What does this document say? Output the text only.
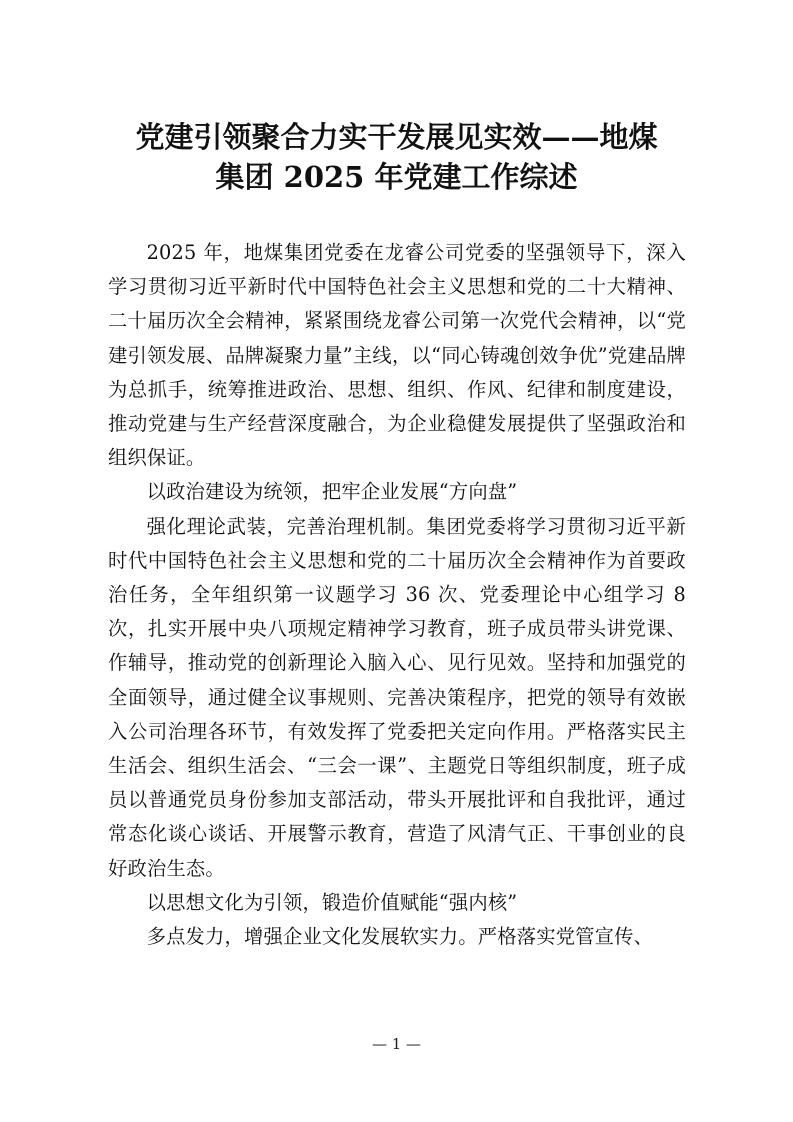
党建引领聚合力实干发展见实效——地煤
集团 2025 年党建工作综述

2025 年，地煤集团党委在龙睿公司党委的坚强领导下，深入学习贯彻习近平新时代中国特色社会主义思想和党的二十大精神、二十届历次全会精神，紧紧围绕龙睿公司第一次党代会精神，以“党建引领发展、品牌凝聚力量”主线，以“同心铸魂创效争优”党建品牌为总抓手，统筹推进政治、思想、组织、作风、纪律和制度建设，推动党建与生产经营深度融合，为企业稳健发展提供了坚强政治和组织保证。

以政治建设为统领，把牢企业发展“方向盘”

强化理论武装，完善治理机制。集团党委将学习贯彻习近平新时代中国特色社会主义思想和党的二十届历次全会精神作为首要政治任务，全年组织第一议题学习 36 次、党委理论中心组学习 8 次，扎实开展中央八项规定精神学习教育，班子成员带头讲党课、作辅导，推动党的创新理论入脑入心、见行见效。坚持和加强党的全面领导，通过健全议事规则、完善决策程序，把党的领导有效嵌入公司治理各环节，有效发挥了党委把关定向作用。严格落实民主生活会、组织生活会、“三会一课”、主题党日等组织制度，班子成员以普通党员身份参加支部活动，带头开展批评和自我批评，通过常态化谈心谈话、开展警示教育，营造了风清气正、干事创业的良好政治生态。

以思想文化为引领，锻造价值赋能“强内核”

多点发力，增强企业文化发展软实力。严格落实党管宣传、

— 1 —
